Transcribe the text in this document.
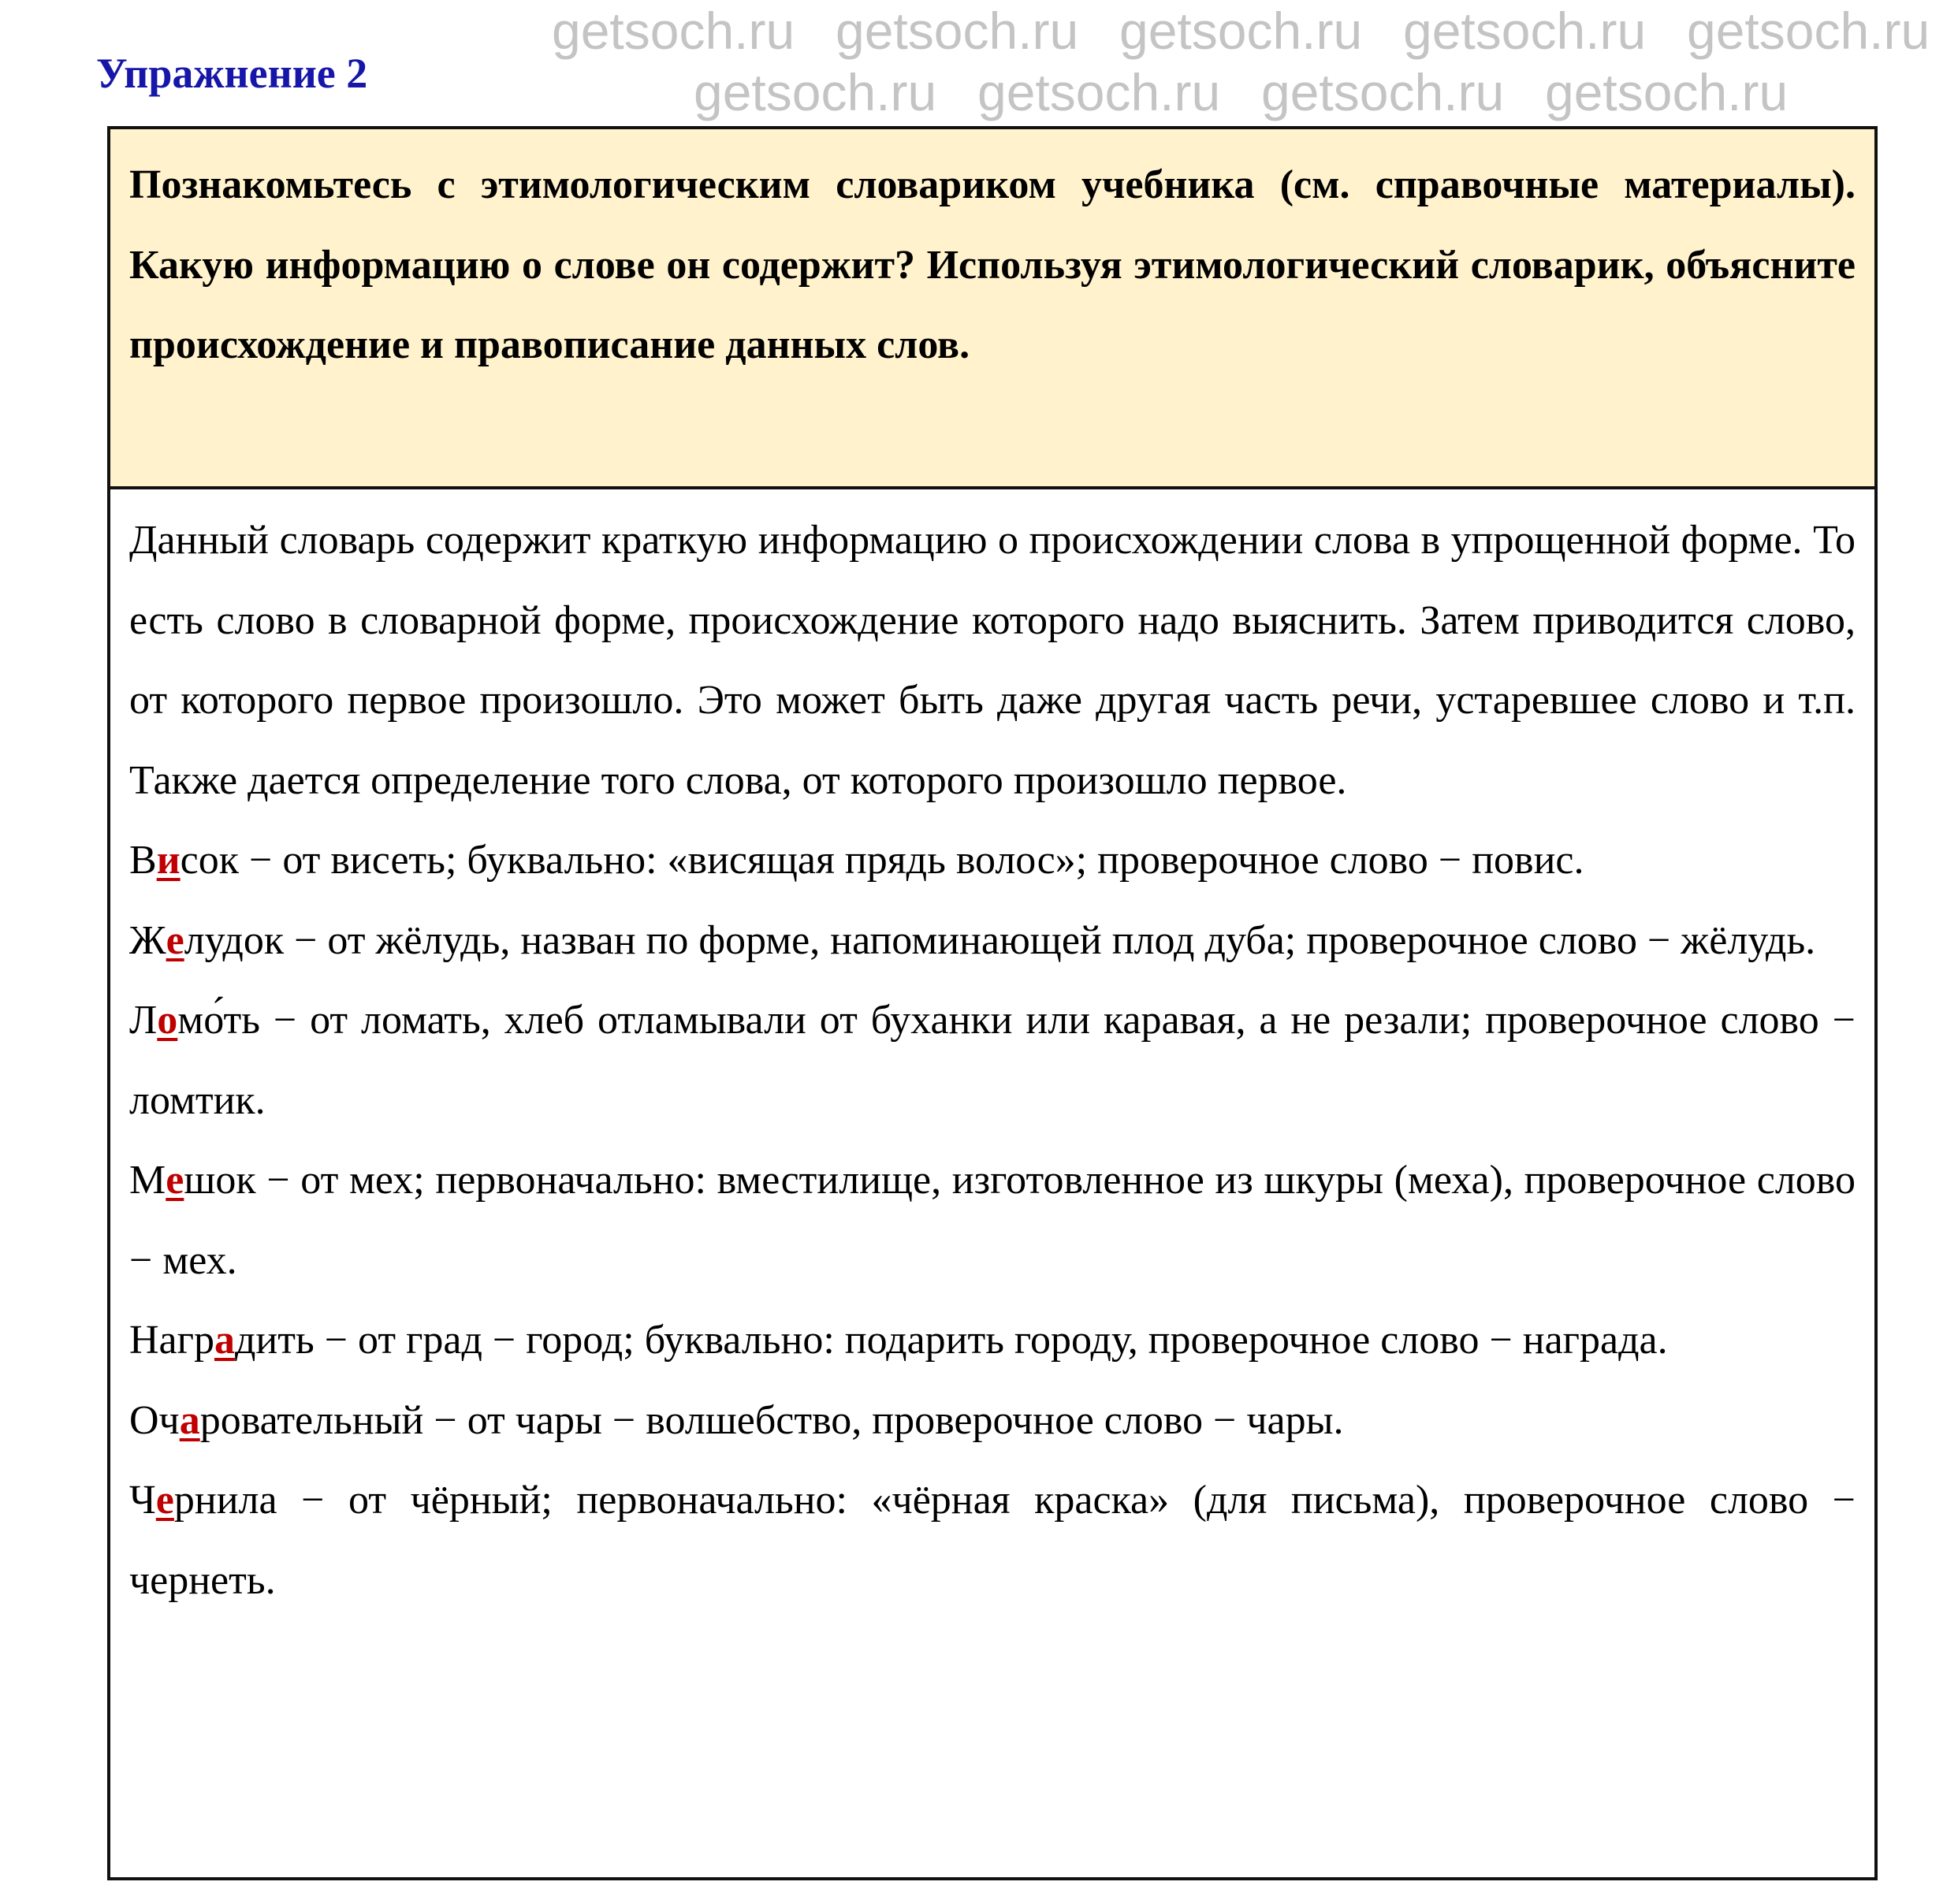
Упражнение 2

Познакомьтесь с этимологическим словариком учебника (см. справочные материалы). Какую информацию о слове он содержит? Используя этимологический словарик, объясните происхождение и правописание данных слов.

Данный словарь содержит краткую информацию о происхождении слова в упрощенной форме. То есть слово в словарной форме, происхождение которого надо выяснить. Затем приводится слово, от которого первое произошло. Это может быть даже другая часть речи, устаревшее слово и т.п. Также дается определение того слова, от которого произошло первое.

Висок − от висеть; буквально: «висящая прядь волос»; проверочное слово − повис.

Желудок − от жёлудь, назван по форме, напоминающей плод дуба; проверочное слово − жёлудь.

Ломо́ть − от ломать, хлеб отламывали от буханки или каравая, а не резали; проверочное слово − ломтик.

Мешок − от мех; первоначально: вместилище, изготовленное из шкуры (меха), проверочное слово − мех.

Наградить − от град − город; буквально: подарить городу, проверочное слово − награда.

Очаровательный − от чары − волшебство, проверочное слово − чары.

Чернила − от чёрный; первоначально: «чёрная краска» (для письма), проверочное слово − чернеть.

getsoch.ru getsoch.ru getsoch.ru getsoch.ru getsoch.ru
getsoch.ru getsoch.ru getsoch.ru getsoch.ru
